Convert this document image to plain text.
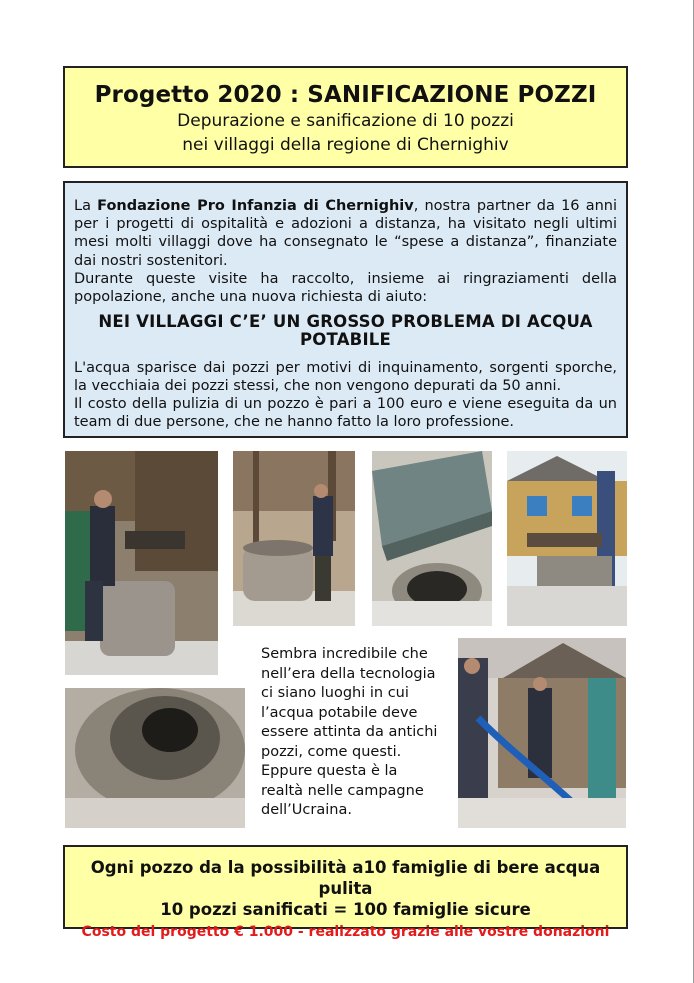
Progetto 2020 : SANIFICAZIONE POZZI
Depurazione e sanificazione di 10 pozzi
nei villaggi della regione di Chernighiv

La Fondazione Pro Infanzia di Chernighiv, nostra partner da 16 anni per i progetti di ospitalità e adozioni a distanza, ha visitato negli ultimi mesi molti villaggi dove ha consegnato le “spese a distanza”, finanziate dai nostri sostenitori.

Durante queste visite ha raccolto, insieme ai ringraziamenti della popolazione, anche una nuova richiesta di aiuto:

NEI VILLAGGI C’E’ UN GROSSO PROBLEMA DI ACQUA POTABILE

L'acqua sparisce dai pozzi per motivi di inquinamento, sorgenti sporche, la vecchiaia dei pozzi stessi, che non vengono depurati da 50 anni.

Il costo della pulizia di un pozzo è pari a 100 euro e viene eseguita da un team di due persone, che ne hanno fatto la loro professione.

Sembra incredibile che
nell’era della tecnologia
ci siano luoghi in cui
l’acqua potabile deve
essere attinta da antichi
pozzi, come questi.
Eppure questa è la
realtà nelle campagne
dell’Ucraina.
Ogni pozzo da la possibilità a10 famiglie di bere acqua pulita
10 pozzi sanificati = 100 famiglie sicure
Costo del progetto € 1.000 - realizzato grazie alle vostre donazioni
